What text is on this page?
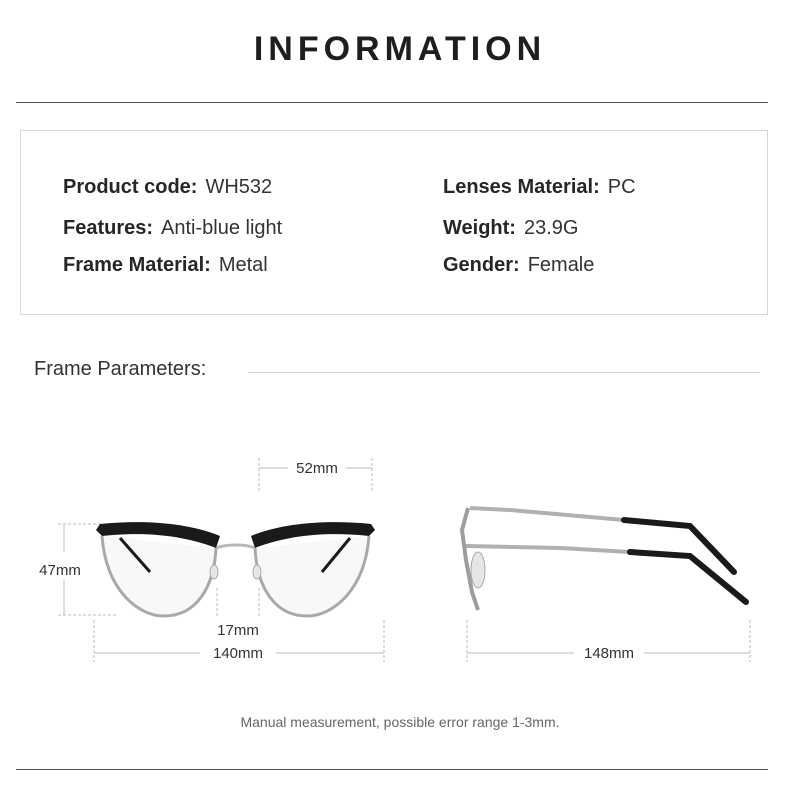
INFORMATION
Product code: WH532
Features: Anti-blue light
Frame Material: Metal
Lenses Material: PC
Weight: 23.9G
Gender: Female
Frame Parameters:
52mm
47mm
17mm
140mm	148mm
Manual measurement, possible error range 1-3mm.
